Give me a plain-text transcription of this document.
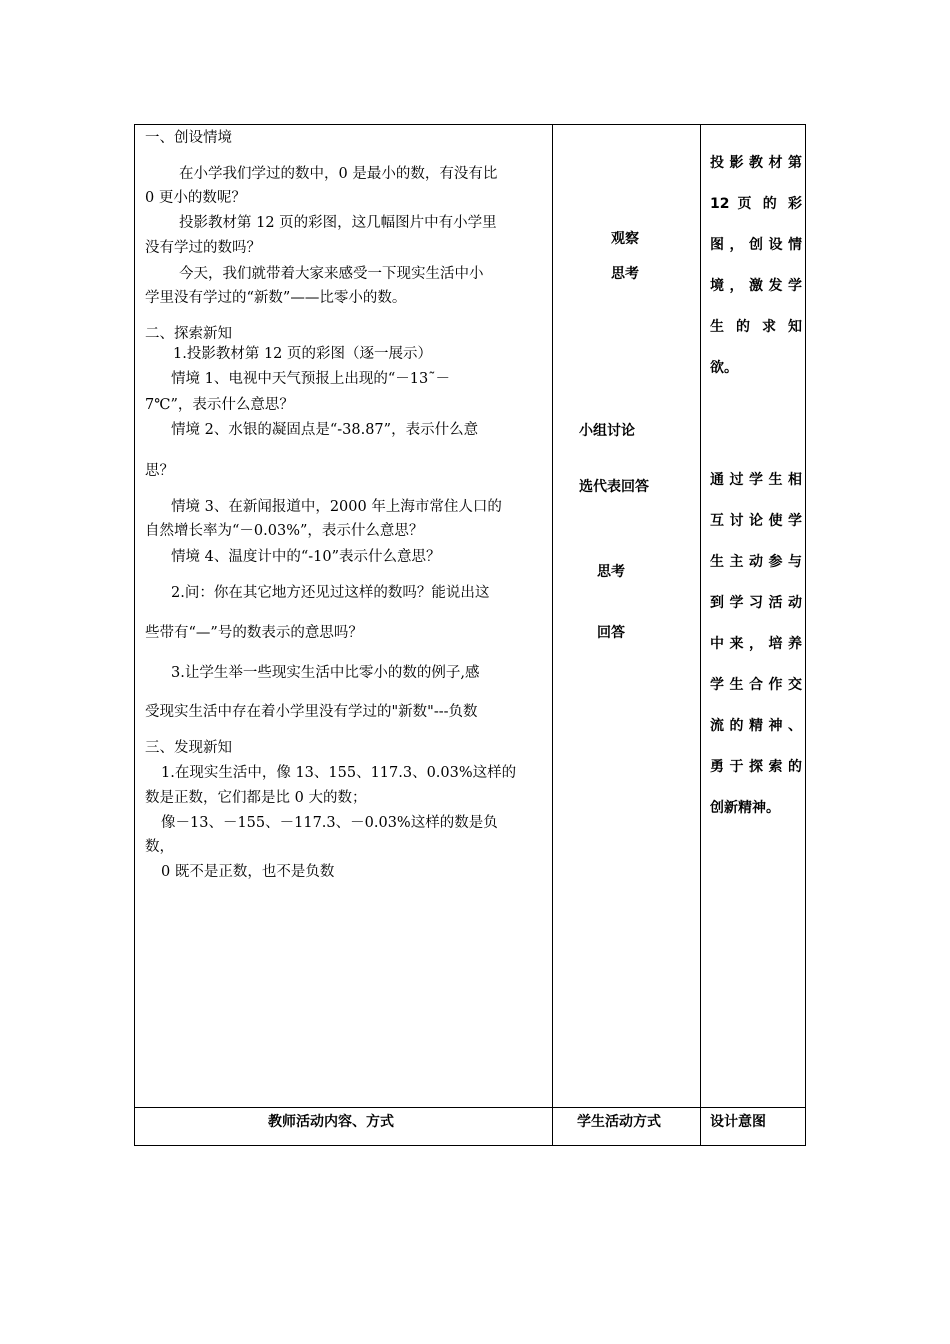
一、创设情境
在小学我们学过的数中，0 是最小的数，有没有比
0 更小的数呢？
投影教材第 12 页的彩图，这几幅图片中有小学里
没有学过的数吗？
今天，我们就带着大家来感受一下现实生活中小
学里没有学过的“新数”——比零小的数。
二、探索新知
1.投影教材第 12 页的彩图（逐一展示）
情境 1、电视中天气预报上出现的“－13˜－
7℃”，表示什么意思？
情境 2、水银的凝固点是“-38.87”，表示什么意
思？
情境 3、在新闻报道中，2000 年上海市常住人口的
自然增长率为“－0.03%”，表示什么意思？
情境 4、温度计中的“-10”表示什么意思？
2.问：你在其它地方还见过这样的数吗？能说出这
些带有“—”号的数表示的意思吗？
3.让学生举一些现实生活中比零小的数的例子,感
受现实生活中存在着小学里没有学过的"新数"---负数
三、发现新知
1.在现实生活中，像 13、155、117.3、0.03%这样的
数是正数，它们都是比 0 大的数；
像－13、－155、－117.3、－0.03%这样的数是负
数，
0 既不是正数，也不是负数
观察
思考
小组讨论
选代表回答
思考
回答
投影教材第
12 页 的 彩
图，创设情
境，激发学
生 的 求 知
欲。
通过学生相
互讨论使学
生主动参与
到学习活动
中来，培养
学生合作交
流的精神、
勇于探索的
创新精神。
教师活动内容、方式	学生活动方式	设计意图
